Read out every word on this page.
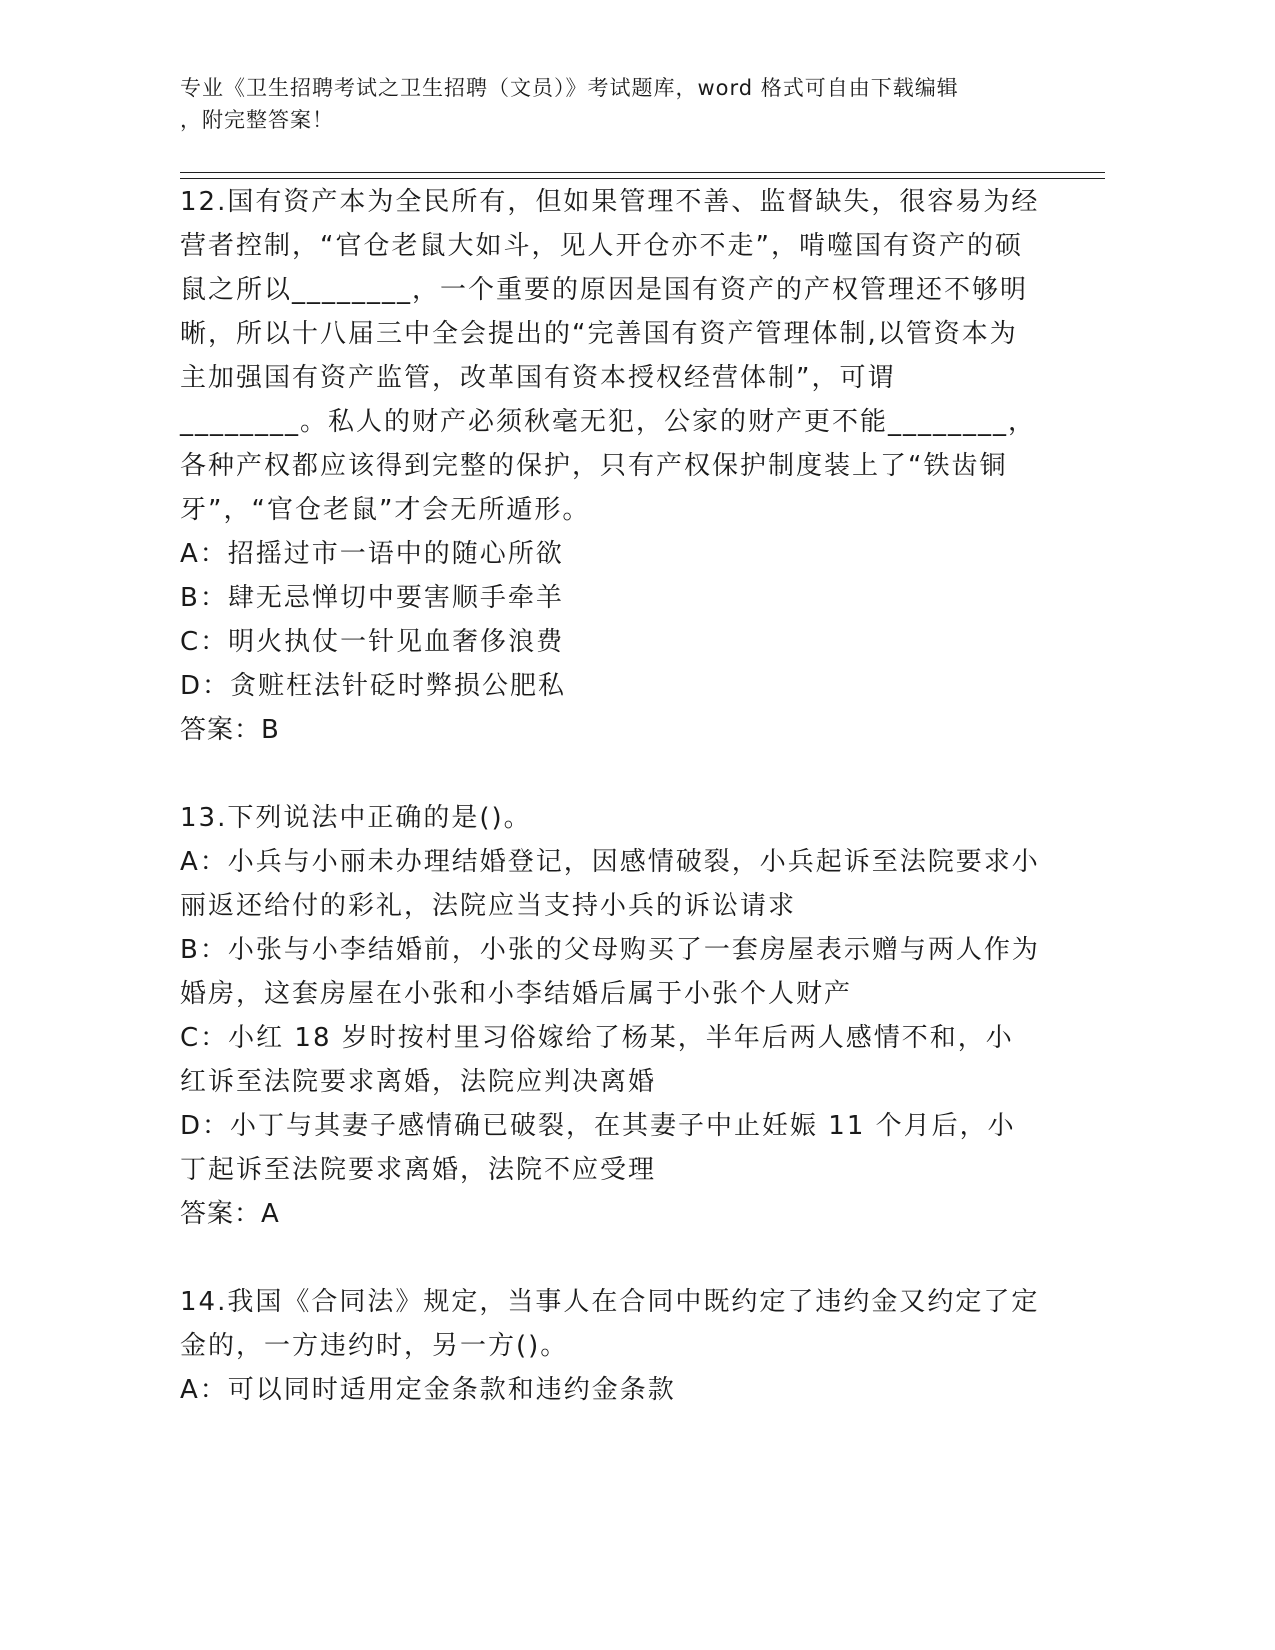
专业《卫生招聘考试之卫生招聘（文员）》考试题库，word 格式可自由下载编辑
，附完整答案！
12.国有资产本为全民所有，但如果管理不善、监督缺失，很容易为经营者控制，“官仓老鼠大如斗，见人开仓亦不走”，啃噬国有资产的硕鼠之所以________，一个重要的原因是国有资产的产权管理还不够明晰，所以十八届三中全会提出的“完善国有资产管理体制,以管资本为主加强国有资产监管，改革国有资本授权经营体制”，可谓________。私人的财产必须秋毫无犯，公家的财产更不能________，各种产权都应该得到完整的保护，只有产权保护制度装上了“铁齿铜牙”，“官仓老鼠”才会无所遁形。
A：招摇过市一语中的随心所欲
B：肆无忌惮切中要害顺手牵羊
C：明火执仗一针见血奢侈浪费
D：贪赃枉法针砭时弊损公肥私
答案：B
13.下列说法中正确的是()。
A：小兵与小丽未办理结婚登记，因感情破裂，小兵起诉至法院要求小丽返还给付的彩礼，法院应当支持小兵的诉讼请求
B：小张与小李结婚前，小张的父母购买了一套房屋表示赠与两人作为婚房，这套房屋在小张和小李结婚后属于小张个人财产
C：小红 18 岁时按村里习俗嫁给了杨某，半年后两人感情不和，小红诉至法院要求离婚，法院应判决离婚
D：小丁与其妻子感情确已破裂，在其妻子中止妊娠 11 个月后，小丁起诉至法院要求离婚，法院不应受理
答案：A
14.我国《合同法》规定，当事人在合同中既约定了违约金又约定了定金的，一方违约时，另一方()。
A：可以同时适用定金条款和违约金条款
